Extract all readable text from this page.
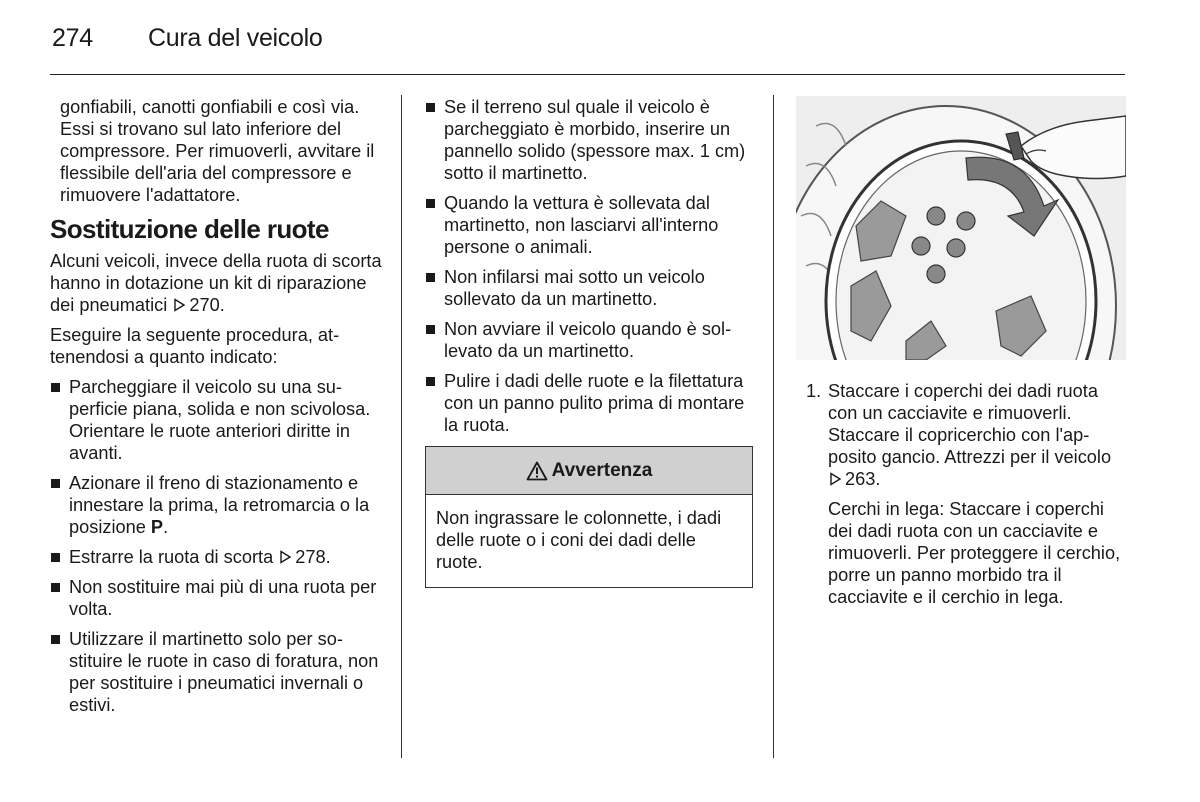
274 Cura del veicolo

gonfiabili, canotti gonfiabili e così via. Essi si trovano sul lato inferiore del compressore. Per rimuoverli, avvitare il flessibile dell'aria del compressore e rimuovere l'adattatore.

Sostituzione delle ruote

Alcuni veicoli, invece della ruota di scorta hanno in dotazione un kit di riparazione dei pneumatici 270.

Eseguire la seguente procedura, attenendosi a quanto indicato:

Parcheggiare il veicolo su una superficie piana, solida e non scivolosa. Orientare le ruote anteriori diritte in avanti.
Azionare il freno di stazionamento e innestare la prima, la retromarcia o la posizione P.
Estrarre la ruota di scorta 278.
Non sostituire mai più di una ruota per volta.
Utilizzare il martinetto solo per sostituire le ruote in caso di foratura, non per sostituire i pneumatici invernali o estivi.
Se il terreno sul quale il veicolo è parcheggiato è morbido, inserire un pannello solido (spessore max. 1 cm) sotto il martinetto.
Quando la vettura è sollevata dal martinetto, non lasciarvi all'interno persone o animali.
Non infilarsi mai sotto un veicolo sollevato da un martinetto.
Non avviare il veicolo quando è sollevato da un martinetto.
Pulire i dadi delle ruote e la filettatura con un panno pulito prima di montare la ruota.
Avvertenza
Non ingrassare le colonnette, i dadi delle ruote o i coni dei dadi delle ruote.
1. Staccare i coperchi dei dadi ruota con un cacciavite e rimuoverli. Staccare il copricerchio con l'apposito gancio. Attrezzi per il veicolo 263.

Cerchi in lega: Staccare i coperchi dei dadi ruota con un cacciavite e rimuoverli. Per proteggere il cerchio, porre un panno morbido tra il cacciavite e il cerchio in lega.
